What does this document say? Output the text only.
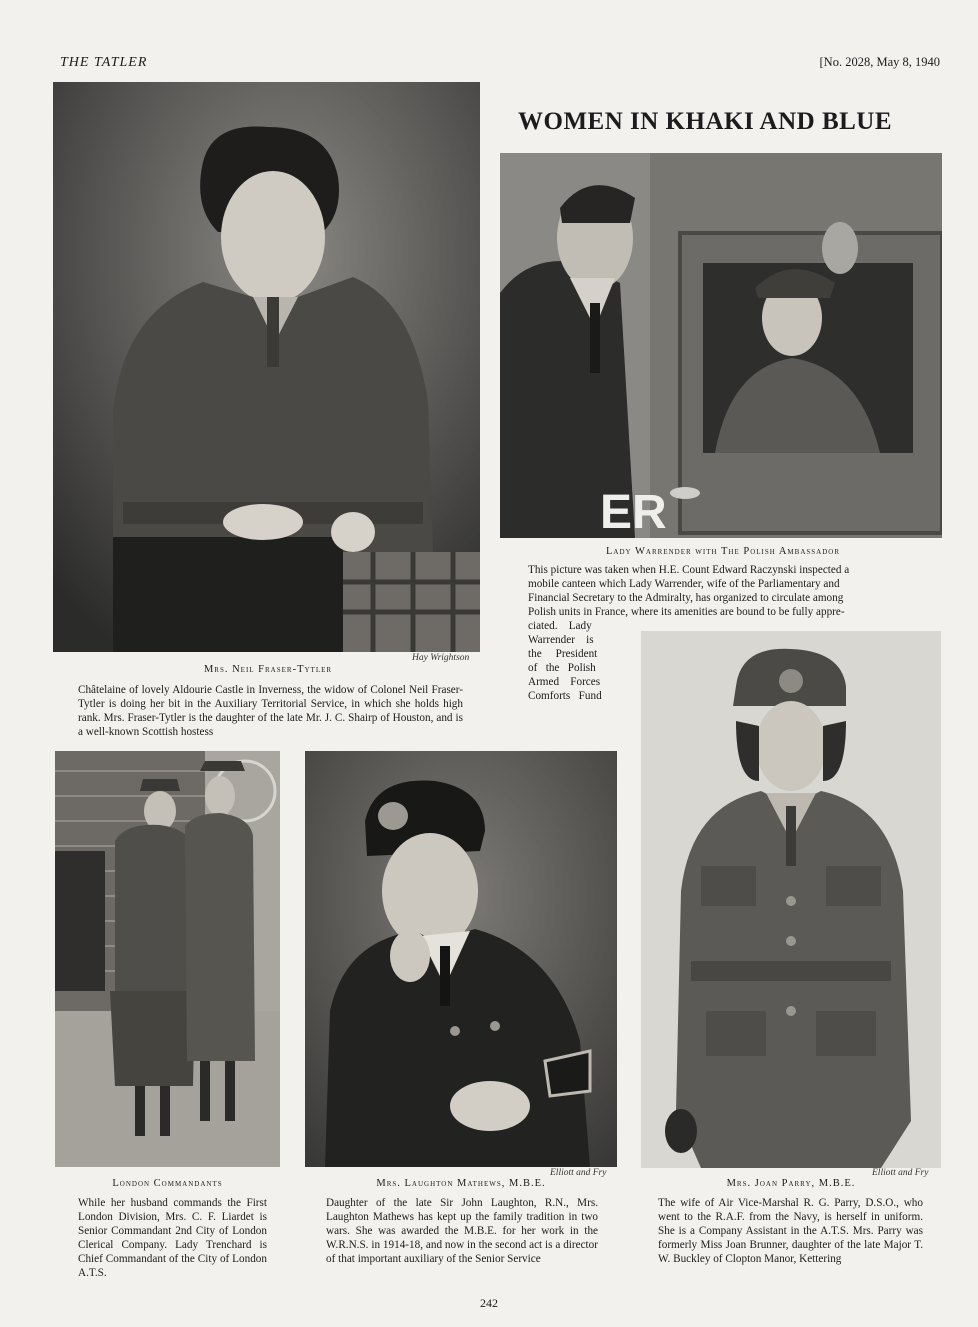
THE TATLER	[No. 2028, May 8, 1940
WOMEN IN KHAKI AND BLUE
Hay Wrightson
Mrs. Neil Fraser-Tytler
Châtelaine of lovely Aldourie Castle in Inverness, the widow of Colonel Neil Fraser-Tytler is doing her bit in the Auxiliary Territorial Service, in which she holds high rank. Mrs. Fraser-Tytler is the daughter of the late Mr. J. C. Shairp of Houston, and is a well-known Scottish hostess
ER
Lady Warrender with The Polish Ambassador
This picture was taken when H.E. Count Edward Raczynski inspected a
mobile canteen which Lady Warrender, wife of the Parliamentary and
Financial Secretary to the Admiralty, has organized to circulate among
Polish units in France, where its amenities are bound to be fully appre-
ciated.    Lady
Warrender    is
the     President
of   the   Polish
Armed    Forces
Comforts   Fund
Elliott and Fry
Mrs. Joan Parry, M.B.E.
The wife of Air Vice-Marshal R. G. Parry, D.S.O., who went to the R.A.F. from the Navy, is herself in uniform. She is a Company Assistant in the A.T.S. Mrs. Parry was formerly Miss Joan Brunner, daughter of the late Major T. W. Buckley of Clopton Manor, Kettering
London Commandants
While her husband commands the First London Division, Mrs. C. F. Liardet is Senior Commandant 2nd City of London Clerical Company. Lady Trenchard is Chief Commandant of the City of London A.T.S.
Elliott and Fry
Mrs. Laughton Mathews, M.B.E.
Daughter of the late Sir John Laughton, R.N., Mrs. Laughton Mathews has kept up the family tradition in two wars. She was awarded the M.B.E. for her work in the W.R.N.S. in 1914-18, and now in the second act is a director of that important auxiliary of the Senior Service
242
